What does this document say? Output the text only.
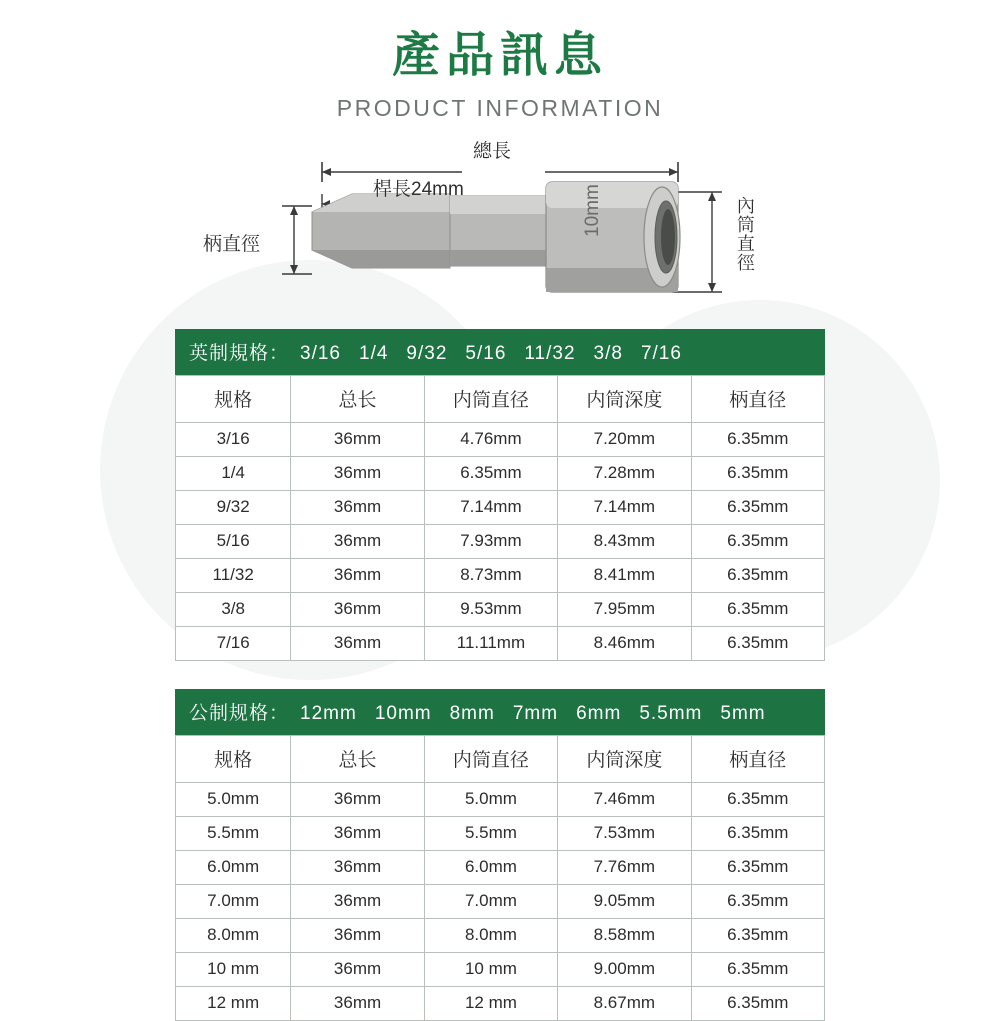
產品訊息
PRODUCT INFORMATION
10mm
總長
桿長24mm
柄直徑	內筒直徑
英制規格： 3/16 1/4 9/32 5/16 11/32 3/8 7/16
规格	总长	内筒直径	内筒深度	柄直径
3/16	36mm	4.76mm	7.20mm	6.35mm
1/4	36mm	6.35mm	7.28mm	6.35mm
9/32	36mm	7.14mm	7.14mm	6.35mm
5/16	36mm	7.93mm	8.43mm	6.35mm
11/32	36mm	8.73mm	8.41mm	6.35mm
3/8	36mm	9.53mm	7.95mm	6.35mm
7/16	36mm	11.11mm	8.46mm	6.35mm
公制规格： 12mm 10mm 8mm 7mm 6mm 5.5mm 5mm
规格	总长	内筒直径	内筒深度	柄直径
5.0mm	36mm	5.0mm	7.46mm	6.35mm
5.5mm	36mm	5.5mm	7.53mm	6.35mm
6.0mm	36mm	6.0mm	7.76mm	6.35mm
7.0mm	36mm	7.0mm	9.05mm	6.35mm
8.0mm	36mm	8.0mm	8.58mm	6.35mm
10 mm	36mm	10 mm	9.00mm	6.35mm
12 mm	36mm	12 mm	8.67mm	6.35mm
